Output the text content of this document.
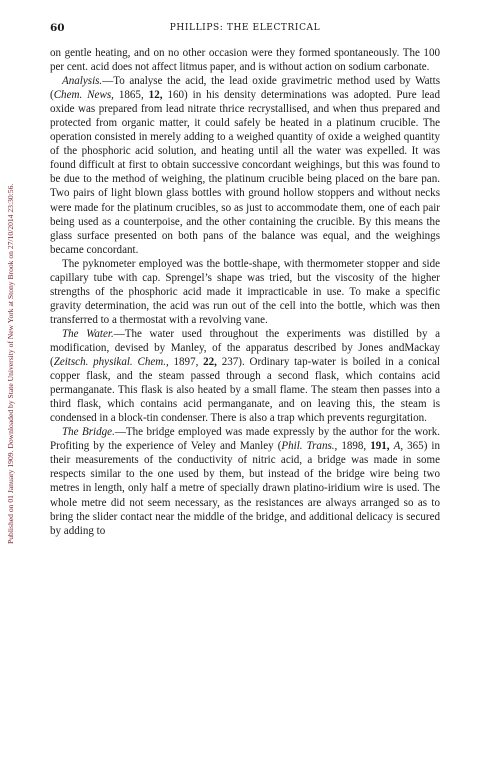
Published on 01 January 1909. Downloaded by State University of New York at Stony Brook on 27/10/2014 23:30:56.
60	PHILLIPS: THE ELECTRICAL

on gentle heating, and on no other occasion were they formed spontaneously. The 100 per cent. acid does not affect litmus paper, and is without action on sodium carbonate.

Analysis.—To analyse the acid, the lead oxide gravimetric method used by Watts (Chem. News, 1865, 12, 160) in his density determinations was adopted. Pure lead oxide was prepared from lead nitrate thrice recrystallised, and when thus prepared and protected from organic matter, it could safely be heated in a platinum crucible. The operation consisted in merely adding to a weighed quantity of oxide a weighed quantity of the phosphoric acid solution, and heating until all the water was expelled. It was found difficult at first to obtain successive concordant weighings, but this was found to be due to the method of weighing, the platinum crucible being placed on the bare pan. Two pairs of light blown glass bottles with ground hollow stoppers and without necks were made for the platinum crucibles, so as just to accommodate them, one of each pair being used as a counterpoise, and the other containing the crucible. By this means the glass surface presented on both pans of the balance was equal, and the weighings became concordant.

The pyknometer employed was the bottle-shape, with thermometer stopper and side capillary tube with cap. Sprengel’s shape was tried, but the viscosity of the higher strengths of the phosphoric acid made it impracticable in use. To make a specific gravity determination, the acid was run out of the cell into the bottle, which was then transferred to a thermostat with a revolving vane.

The Water.—The water used throughout the experiments was distilled by a modification, devised by Manley, of the apparatus described by Jones andMackay (Zeitsch. physikal. Chem., 1897, 22, 237). Ordinary tap-water is boiled in a conical copper flask, and the steam passed through a second flask, which contains acid permanganate. This flask is also heated by a small flame. The steam then passes into a third flask, which contains acid permanganate, and on leaving this, the steam is condensed in a block-tin condenser. There is also a trap which prevents regurgitation.

The Bridge.—The bridge employed was made expressly by the author for the work. Profiting by the experience of Veley and Manley (Phil. Trans., 1898, 191, A, 365) in their measurements of the conductivity of nitric acid, a bridge was made in some respects similar to the one used by them, but instead of the bridge wire being two metres in length, only half a metre of specially drawn platino-iridium wire is used. The whole metre did not seem necessary, as the resistances are always arranged so as to bring the slider contact near the middle of the bridge, and additional delicacy is secured by adding to
